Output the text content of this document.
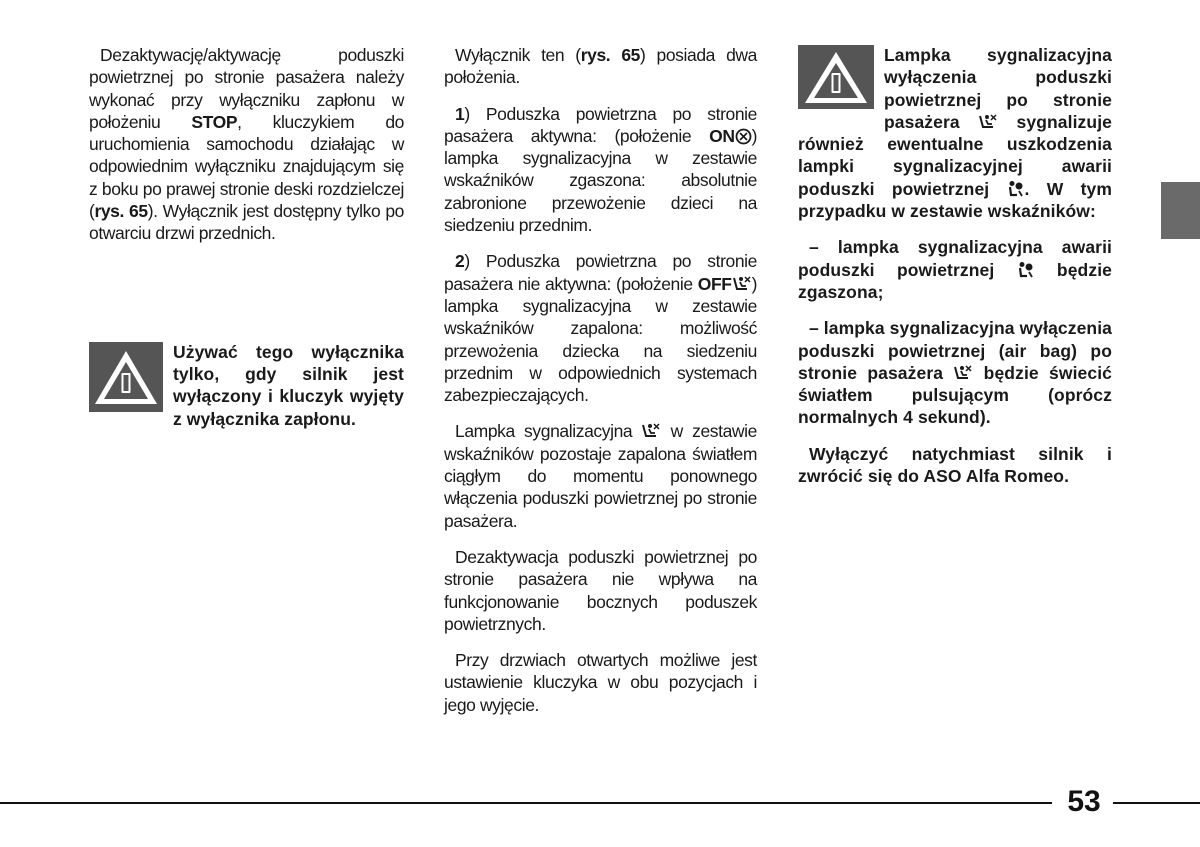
Dezaktywację/aktywację poduszki powietrznej po stronie pasażera należy wykonać przy wyłączniku zapłonu w położeniu STOP, kluczykiem do uruchomienia samochodu działając w odpowiednim wyłączniku znajdującym się z boku po prawej stronie deski rozdzielczej (rys. 65). Wyłącznik jest dostępny tylko po otwarciu drzwi przednich.

Używać tego wyłącznika tylko, gdy silnik jest wyłączony i kluczyk wyjęty z wyłącznika zapłonu.

Wyłącznik ten (rys. 65) posiada dwa położenia.

1) Poduszka powietrzna po stronie pasażera aktywna: (położenie ON ) lampka sygnalizacyjna w zestawie wskaźników zgaszona: absolutnie zabronione przewożenie dzieci na siedzeniu przednim.

2) Poduszka powietrzna po stronie pasażera nie aktywna: (położenie OFF ) lampka sygnalizacyjna w zestawie wskaźników zapalona: możliwość przewożenia dziecka na siedzeniu przednim w odpowiednich systemach zabezpieczających.

Lampka sygnalizacyjna  w zestawie wskaźników pozostaje zapalona światłem ciągłym do momentu ponownego włączenia poduszki powietrznej po stronie pasażera.

Dezaktywacja poduszki powietrznej po stronie pasażera nie wpływa na funkcjonowanie bocznych poduszek powietrznych.

Przy drzwiach otwartych możliwe jest ustawienie kluczyka w obu pozycjach i jego wyjęcie.

Lampka sygnalizacyjna wyłączenia poduszki powietrznej po stronie pasażera  sygnalizuje również ewentualne uszkodzenia lampki sygnalizacyjnej awarii poduszki powietrznej . W tym przypadku w zestawie wskaźników:

– lampka sygnalizacyjna awarii poduszki powietrznej  będzie zgaszona;

– lampka sygnalizacyjna wyłączenia poduszki powietrznej (air bag) po stronie pasażera  będzie świecić światłem pulsującym (oprócz normalnych 4 sekund).

Wyłączyć natychmiast silnik i zwrócić się do ASO Alfa Romeo.

53
